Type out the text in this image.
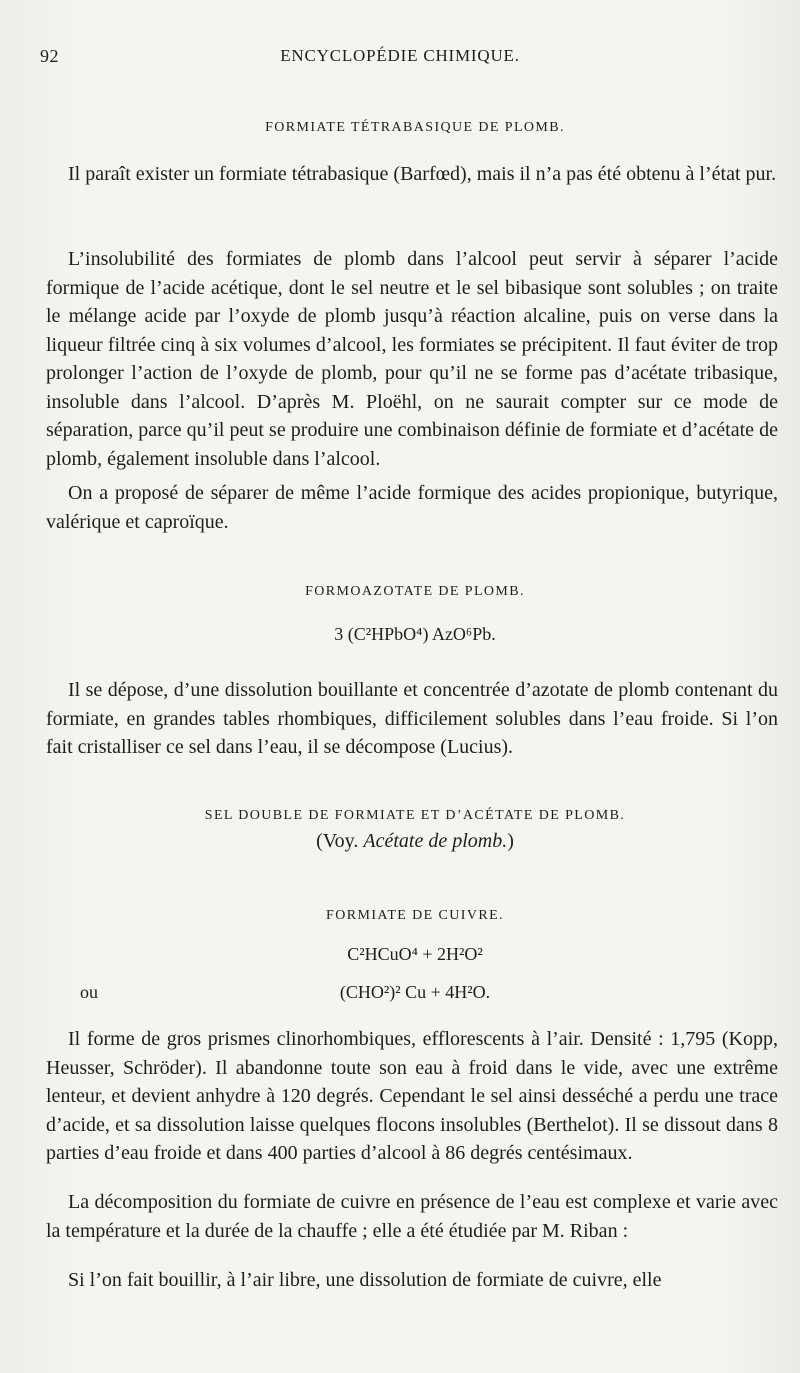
92	ENCYCLOPÉDIE CHIMIQUE.
FORMIATE TÉTRABASIQUE DE PLOMB.

Il paraît exister un formiate tétrabasique (Barfœd), mais il n’a pas été obtenu à l’état pur.

L’insolubilité des formiates de plomb dans l’alcool peut servir à séparer l’acide formique de l’acide acétique, dont le sel neutre et le sel bibasique sont solubles ; on traite le mélange acide par l’oxyde de plomb jusqu’à réaction alcaline, puis on verse dans la liqueur filtrée cinq à six volumes d’alcool, les formiates se précipitent. Il faut éviter de trop prolonger l’action de l’oxyde de plomb, pour qu’il ne se forme pas d’acétate tribasique, insoluble dans l’alcool. D’après M. Ploëhl, on ne saurait compter sur ce mode de séparation, parce qu’il peut se produire une combinaison définie de formiate et d’acétate de plomb, également insoluble dans l’alcool.

On a proposé de séparer de même l’acide formique des acides propionique, butyrique, valérique et caproïque.

FORMOAZOTATE DE PLOMB.
3 (C²HPbO⁴) AzO⁶Pb.

Il se dépose, d’une dissolution bouillante et concentrée d’azotate de plomb contenant du formiate, en grandes tables rhombiques, difficilement solubles dans l’eau froide. Si l’on fait cristalliser ce sel dans l’eau, il se décompose (Lucius).

SEL DOUBLE DE FORMIATE ET D’ACÉTATE DE PLOMB.
(Voy. Acétate de plomb.)
FORMIATE DE CUIVRE.
C²HCuO⁴ + 2H²O²
ou	(CHO²)² Cu + 4H²O.

Il forme de gros prismes clinorhombiques, efflorescents à l’air. Densité : 1,795 (Kopp, Heusser, Schröder). Il abandonne toute son eau à froid dans le vide, avec une extrême lenteur, et devient anhydre à 120 degrés. Cependant le sel ainsi desséché a perdu une trace d’acide, et sa dissolution laisse quelques flocons insolubles (Berthelot). Il se dissout dans 8 parties d’eau froide et dans 400 parties d’alcool à 86 degrés centésimaux.

La décomposition du formiate de cuivre en présence de l’eau est complexe et varie avec la température et la durée de la chauffe ; elle a été étudiée par M. Riban :

Si l’on fait bouillir, à l’air libre, une dissolution de formiate de cuivre, elle
